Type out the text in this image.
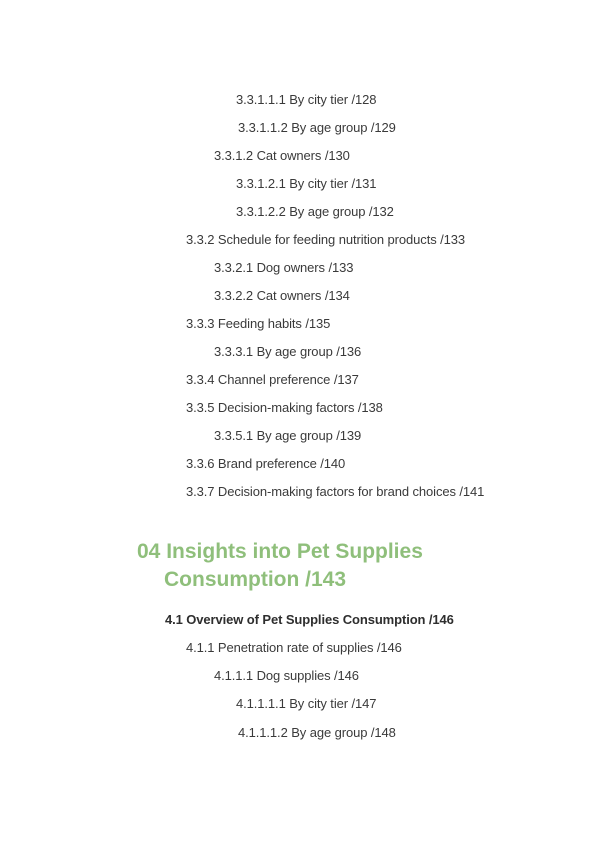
3.3.1.1.1 By city tier /128
3.3.1.1.2 By age group /129
3.3.1.2 Cat owners /130
3.3.1.2.1 By city tier /131
3.3.1.2.2 By age group /132
3.3.2 Schedule for feeding nutrition products /133
3.3.2.1 Dog owners /133
3.3.2.2 Cat owners /134
3.3.3 Feeding habits /135
3.3.3.1 By age group /136
3.3.4 Channel preference /137
3.3.5 Decision-making factors /138
3.3.5.1 By age group /139
3.3.6 Brand preference /140
3.3.7 Decision-making factors for brand choices /141
04 Insights into Pet Supplies
Consumption /143
4.1 Overview of Pet Supplies Consumption /146
4.1.1 Penetration rate of supplies /146
4.1.1.1 Dog supplies /146
4.1.1.1.1 By city tier /147
4.1.1.1.2 By age group /148
